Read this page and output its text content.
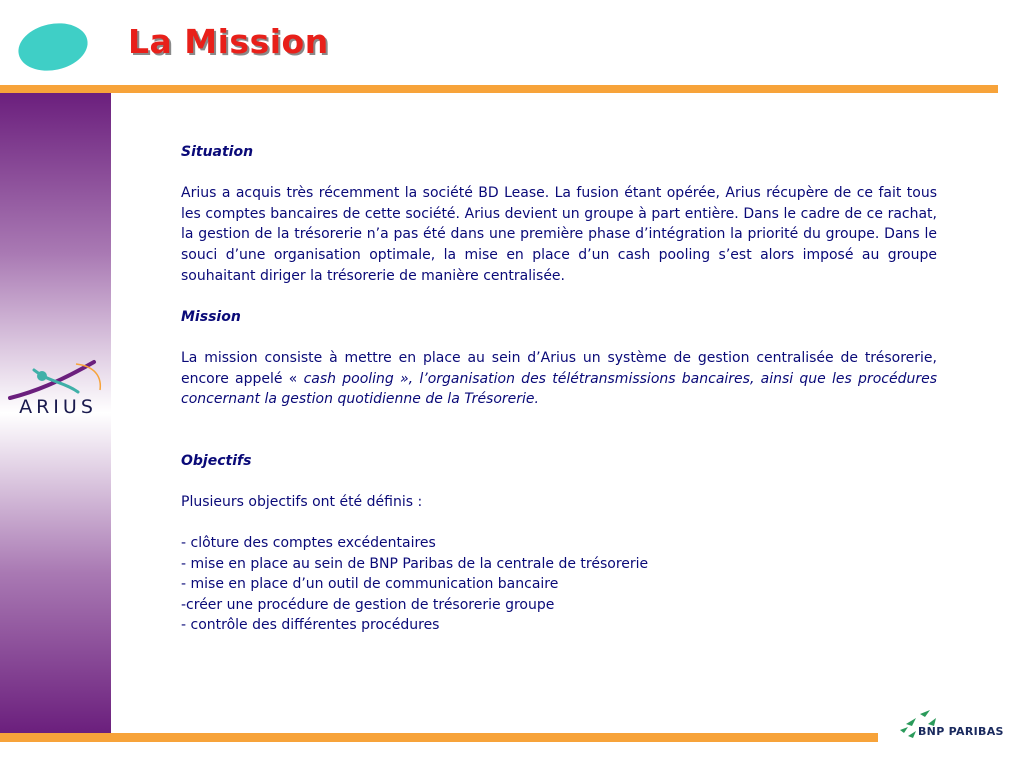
La Mission
ARIUS

Situation

Arius a acquis très récemment la société BD Lease. La fusion étant opérée, Arius récupère de ce fait tous les comptes bancaires de cette société. Arius devient un groupe à part entière. Dans le cadre de ce rachat, la gestion de la trésorerie n’a pas été dans une première phase d’intégration la priorité du groupe. Dans le souci d’une organisation optimale, la mise en place d’un cash pooling s’est alors imposé au groupe souhaitant diriger la trésorerie de manière centralisée.

Mission

La mission consiste à mettre en place au sein d’Arius un système de gestion centralisée de trésorerie, encore appelé « cash pooling », l’organisation des télétransmissions bancaires, ainsi que les procédures concernant la gestion quotidienne de la Trésorerie.

Objectifs

Plusieurs objectifs ont été définis :

- clôture des comptes excédentaires
- mise en place au sein de BNP Paribas de la centrale de trésorerie
- mise en place d’un outil de communication bancaire
-créer une procédure de gestion de trésorerie groupe
- contrôle des différentes procédures
BNP PARIBAS
